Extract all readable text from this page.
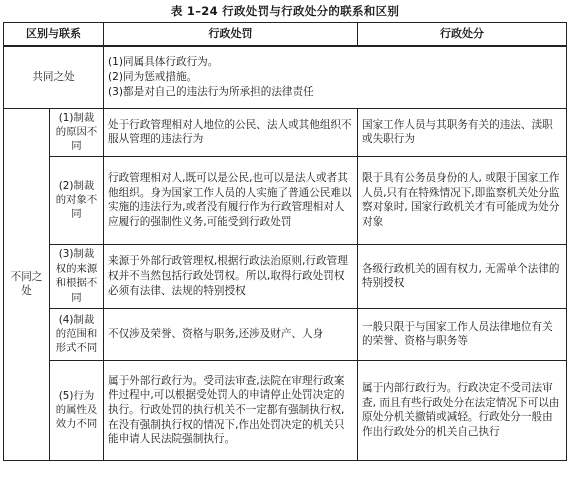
表 1–24 行政处罚与行政处分的联系和区别
区别与联系		行政处罚	行政处分
共同之处		(1)同属具体行政行为。
(2)同为惩戒措施。
(3)都是对自己的违法行为所承担的法律责任	

不同之处	(1)制裁的原因不同	处于行政管理相对人地位的公民、法人或其他组织不服从管理的违法行为	国家工作人员与其职务有关的违法、渎职或失职行为
	(2)制裁的对象不同	行政管理相对人,既可以是公民,也可以是法人或者其他组织。身为国家工作人员的人实施了普通公民难以实施的违法行为,或者没有履行作为行政管理相对人应履行的强制性义务,可能受到行政处罚	限于具有公务员身份的人, 或限于国家工作人员,只有在特殊情况下,即监察机关处分监察对象时, 国家行政机关才有可能成为处分对象
	(3)制裁权的来源和根据不同	来源于外部行政管理权,根据行政法治原则,行政管理权并不当然包括行政处罚权。所以,取得行政处罚权必须有法律、法规的特别授权	各级行政机关的固有权力, 无需单个法律的特别授权
	(4)制裁的范围和形式不同	不仅涉及荣誉、资格与职务,还涉及财产、人身	一般只限于与国家工作人员法律地位有关的荣誉、资格与职务等
	(5)行为的属性及效力不同	属于外部行政行为。受司法审查,法院在审理行政案件过程中,可以根据受处罚人的申请停止处罚决定的执行。行政处罚的执行机关不一定都有强制执行权,在没有强制执行权的情况下,作出处罚决定的机关只能申请人民法院强制执行。	属于内部行政行为。行政决定不受司法审查, 而且有些行政处分在法定情况下可以由原处分机关撤销或减轻。行政处分一般由作出行政处分的机关自己执行
